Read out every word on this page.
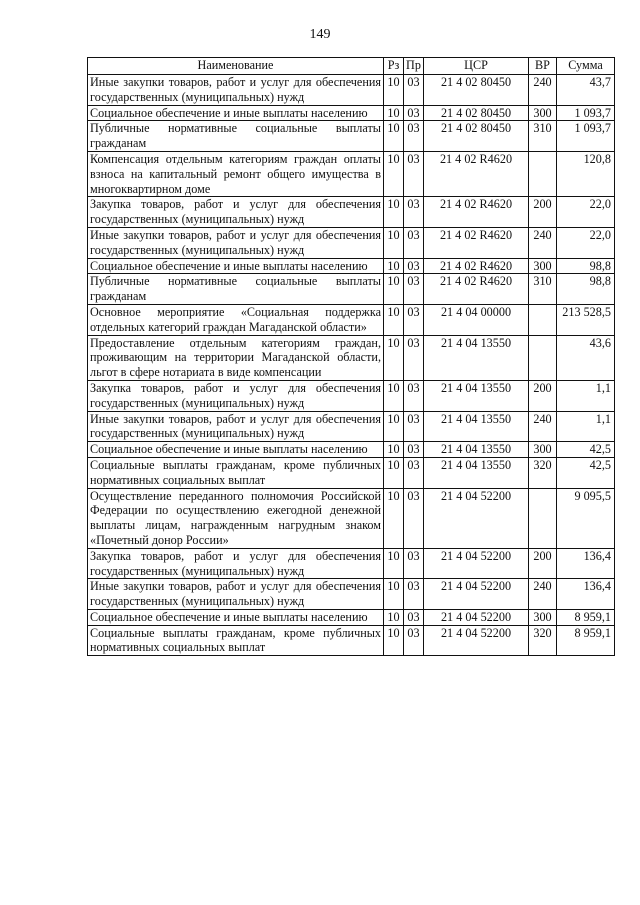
149
Наименование	Рз	Пр	ЦСР	ВР	Сумма
Иные закупки товаров, работ и услуг для обеспечения государственных (муниципальных) нужд	10	03	21 4 02 80450	240	43,7
Социальное обеспечение и иные выплаты населению	10	03	21 4 02 80450	300	1 093,7
Публичные нормативные социальные выплаты гражданам	10	03	21 4 02 80450	310	1 093,7
Компенсация отдельным категориям граждан оплаты взноса на капитальный ремонт общего имущества в многоквартирном доме	10	03	21 4 02 R4620		120,8
Закупка товаров, работ и услуг для обеспечения государственных (муниципальных) нужд	10	03	21 4 02 R4620	200	22,0
Иные закупки товаров, работ и услуг для обеспечения государственных (муниципальных) нужд	10	03	21 4 02 R4620	240	22,0
Социальное обеспечение и иные выплаты населению	10	03	21 4 02 R4620	300	98,8
Публичные нормативные социальные выплаты гражданам	10	03	21 4 02 R4620	310	98,8
Основное мероприятие «Социальная поддержка отдельных категорий граждан Магаданской области»	10	03	21 4 04 00000		213 528,5
Предоставление отдельным категориям граждан, проживающим на территории Магаданской области, льгот в сфере нотариата в виде компенсации	10	03	21 4 04 13550		43,6
Закупка товаров, работ и услуг для обеспечения государственных (муниципальных) нужд	10	03	21 4 04 13550	200	1,1
Иные закупки товаров, работ и услуг для обеспечения государственных (муниципальных) нужд	10	03	21 4 04 13550	240	1,1
Социальное обеспечение и иные выплаты населению	10	03	21 4 04 13550	300	42,5
Социальные выплаты гражданам, кроме публичных нормативных социальных выплат	10	03	21 4 04 13550	320	42,5
Осуществление переданного полномочия Российской Федерации по осуществлению ежегодной денежной выплаты лицам, награжденным нагрудным знаком «Почетный донор России»	10	03	21 4 04 52200		9 095,5
Закупка товаров, работ и услуг для обеспечения государственных (муниципальных) нужд	10	03	21 4 04 52200	200	136,4
Иные закупки товаров, работ и услуг для обеспечения государственных (муниципальных) нужд	10	03	21 4 04 52200	240	136,4
Социальное обеспечение и иные выплаты населению	10	03	21 4 04 52200	300	8 959,1
Социальные выплаты гражданам, кроме публичных нормативных социальных выплат	10	03	21 4 04 52200	320	8 959,1
